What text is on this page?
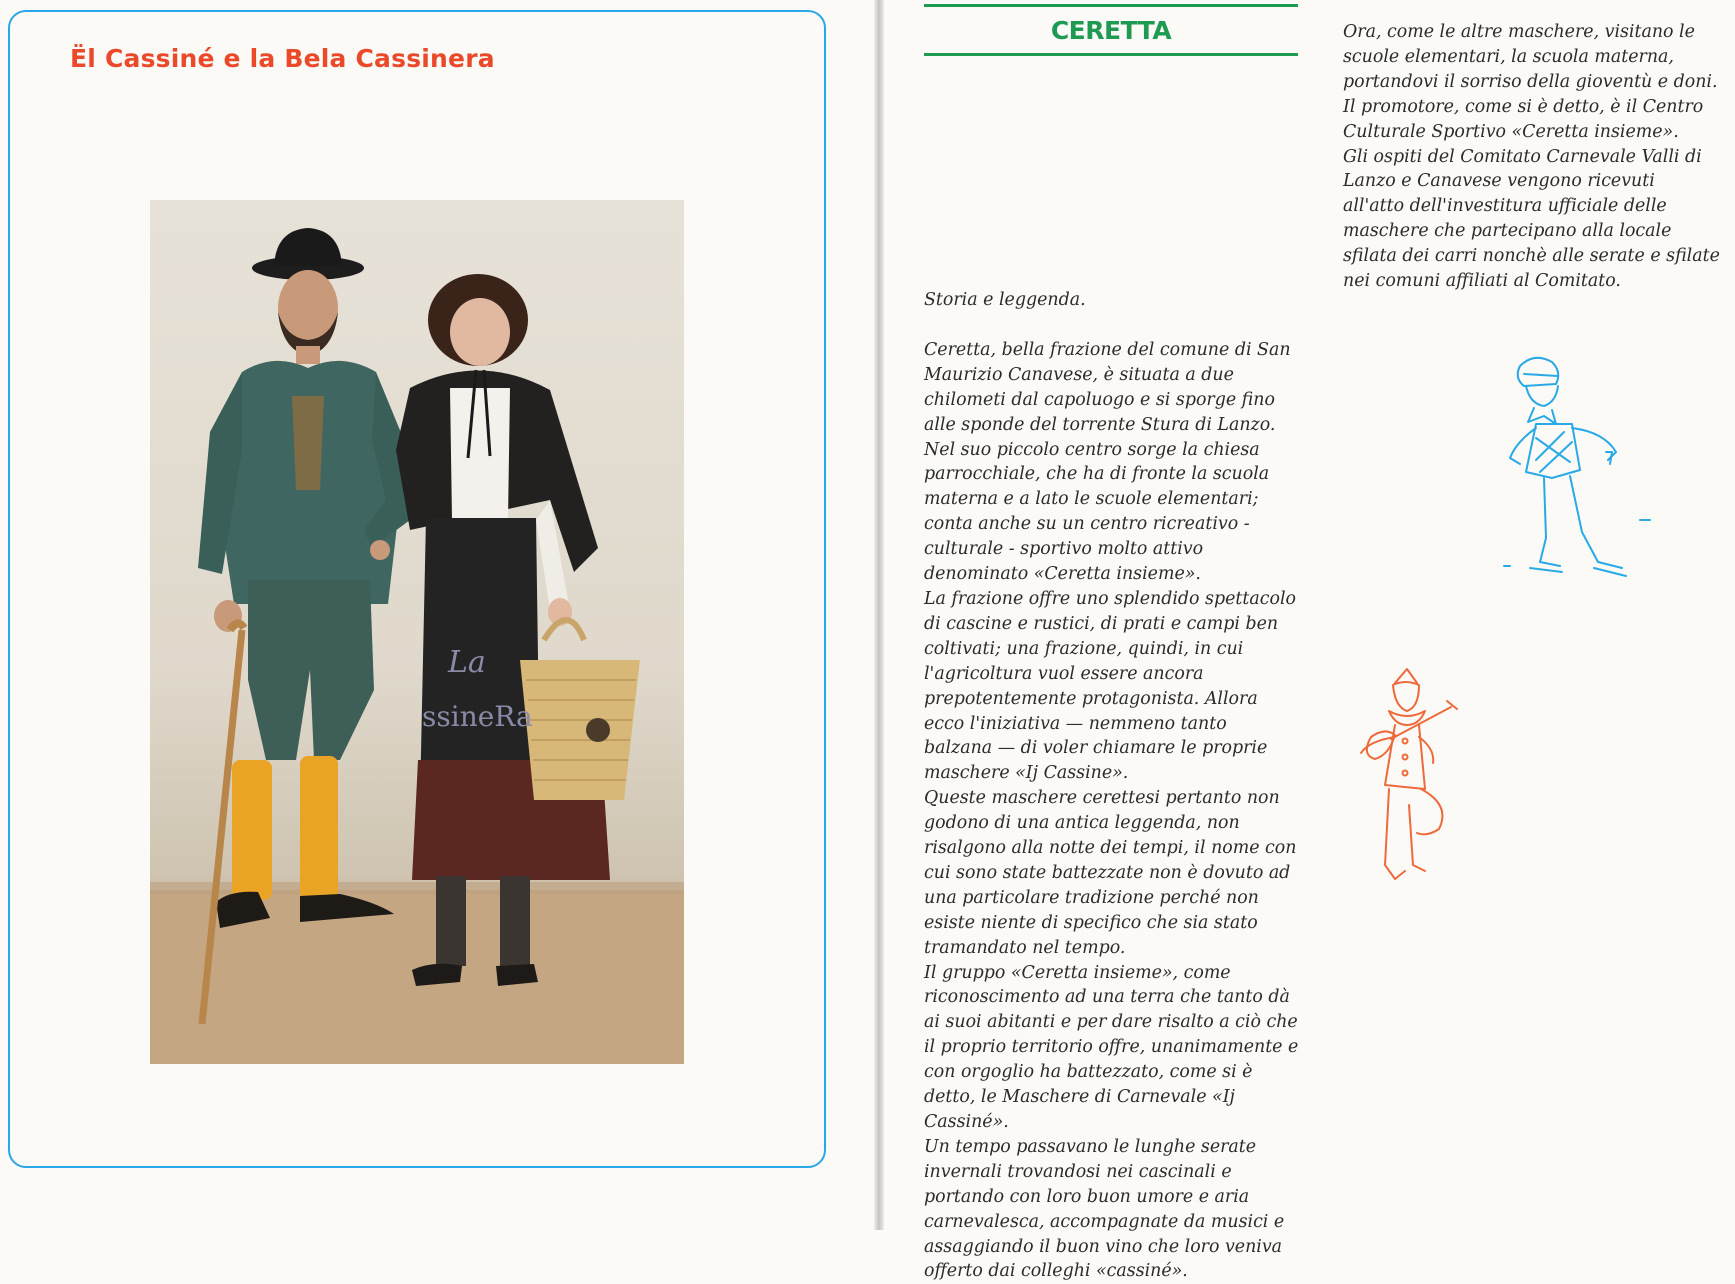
Ël Cassiné e la Bela Cassinera
La
ssineRa
CERETTA

Storia e leggenda.

Ceretta, bella frazione del comune di San Maurizio Canavese, è situata a due chilometi dal capoluogo e si sporge fino alle sponde del torrente Stura di Lanzo. Nel suo piccolo centro sorge la chiesa parrocchiale, che ha di fronte la scuola materna e a lato le scuole elementari; conta anche su un centro ricreativo - culturale - sportivo molto attivo denominato «Ceretta insieme».

La frazione offre uno splendido spettacolo di cascine e rustici, di prati e campi ben coltivati; una frazione, quindi, in cui l'agricoltura vuol essere ancora prepotentemente protagonista. Allora ecco l'iniziativa — nemmeno tanto balzana — di voler chiamare le proprie maschere «Ij Cassine».

Queste maschere cerettesi pertanto non godono di una antica leggenda, non risalgono alla notte dei tempi, il nome con cui sono state battezzate non è dovuto ad una particolare tradizione perché non esiste niente di specifico che sia stato tramandato nel tempo.

Il gruppo «Ceretta insieme», come riconoscimento ad una terra che tanto dà ai suoi abitanti e per dare risalto a ciò che il proprio territorio offre, unanimamente e con orgoglio ha battezzato, come si è detto, le Maschere di Carnevale «Ij Cassiné».

Un tempo passavano le lunghe serate invernali trovandosi nei cascinali e portando con loro buon umore e aria carnevalesca, accompagnate da musici e assaggiando il buon vino che loro veniva offerto dai colleghi «cassiné».

Ora, come le altre maschere, visitano le scuole elementari, la scuola materna, portandovi il sorriso della gioventù e doni. Il promotore, come si è detto, è il Centro Culturale Sportivo «Ceretta insieme».

Gli ospiti del Comitato Carnevale Valli di Lanzo e Canavese vengono ricevuti all'atto dell'investitura ufficiale delle maschere che partecipano alla locale sfilata dei carri nonchè alle serate e sfilate nei comuni affiliati al Comitato.
